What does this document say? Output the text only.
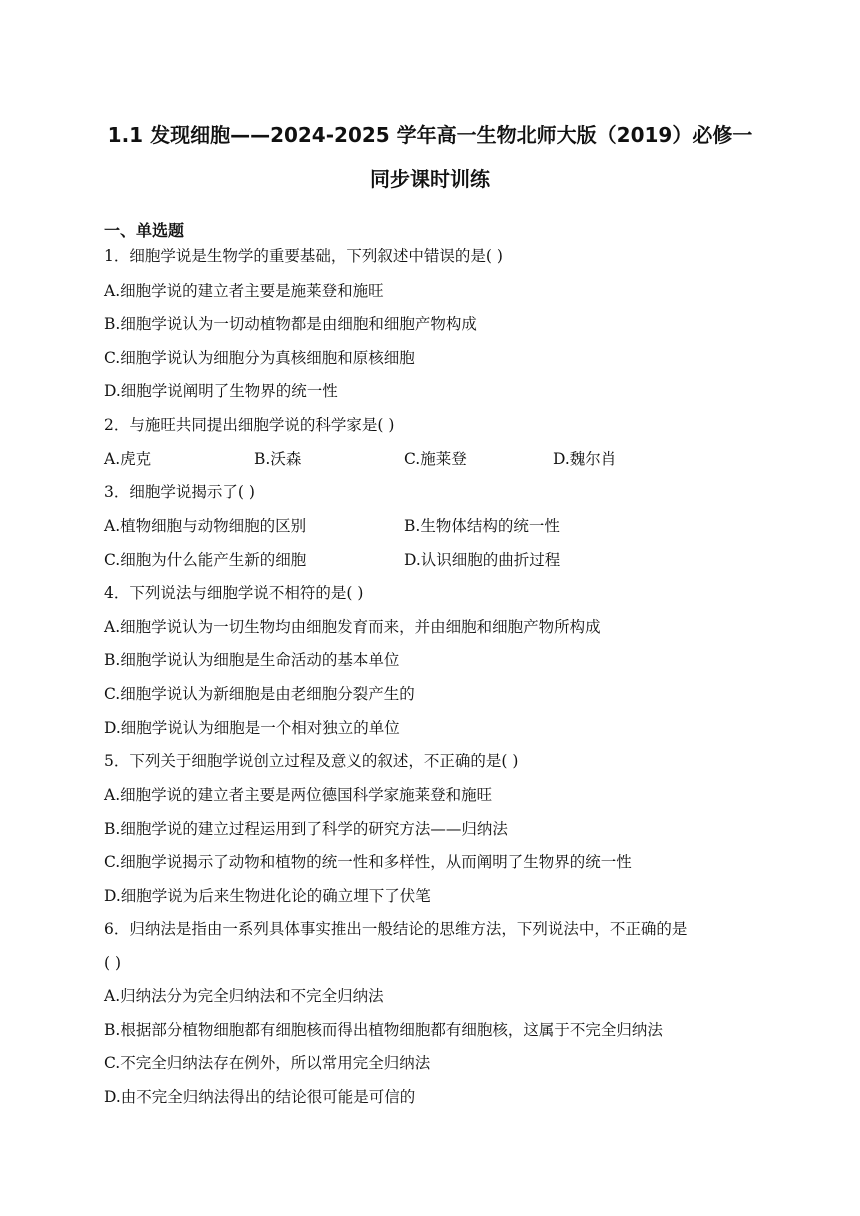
1.1 发现细胞——2024-2025 学年高一生物北师大版（2019）必修一
同步课时训练
一、单选题
1．细胞学说是生物学的重要基础，下列叙述中错误的是( )
A.细胞学说的建立者主要是施莱登和施旺
B.细胞学说认为一切动植物都是由细胞和细胞产物构成
C.细胞学说认为细胞分为真核细胞和原核细胞
D.细胞学说阐明了生物界的统一性
2．与施旺共同提出细胞学说的科学家是( )
A.虎克	B.沃森	C.施莱登	D.魏尔肖
3．细胞学说揭示了( )
A.植物细胞与动物细胞的区别	B.生物体结构的统一性
C.细胞为什么能产生新的细胞	D.认识细胞的曲折过程
4．下列说法与细胞学说不相符的是( )
A.细胞学说认为一切生物均由细胞发育而来，并由细胞和细胞产物所构成
B.细胞学说认为细胞是生命活动的基本单位
C.细胞学说认为新细胞是由老细胞分裂产生的
D.细胞学说认为细胞是一个相对独立的单位
5．下列关于细胞学说创立过程及意义的叙述，不正确的是( )
A.细胞学说的建立者主要是两位德国科学家施莱登和施旺
B.细胞学说的建立过程运用到了科学的研究方法——归纳法
C.细胞学说揭示了动物和植物的统一性和多样性，从而阐明了生物界的统一性
D.细胞学说为后来生物进化论的确立埋下了伏笔
6．归纳法是指由一系列具体事实推出一般结论的思维方法，下列说法中，不正确的是
( )
A.归纳法分为完全归纳法和不完全归纳法
B.根据部分植物细胞都有细胞核而得出植物细胞都有细胞核，这属于不完全归纳法
C.不完全归纳法存在例外，所以常用完全归纳法
D.由不完全归纳法得出的结论很可能是可信的
